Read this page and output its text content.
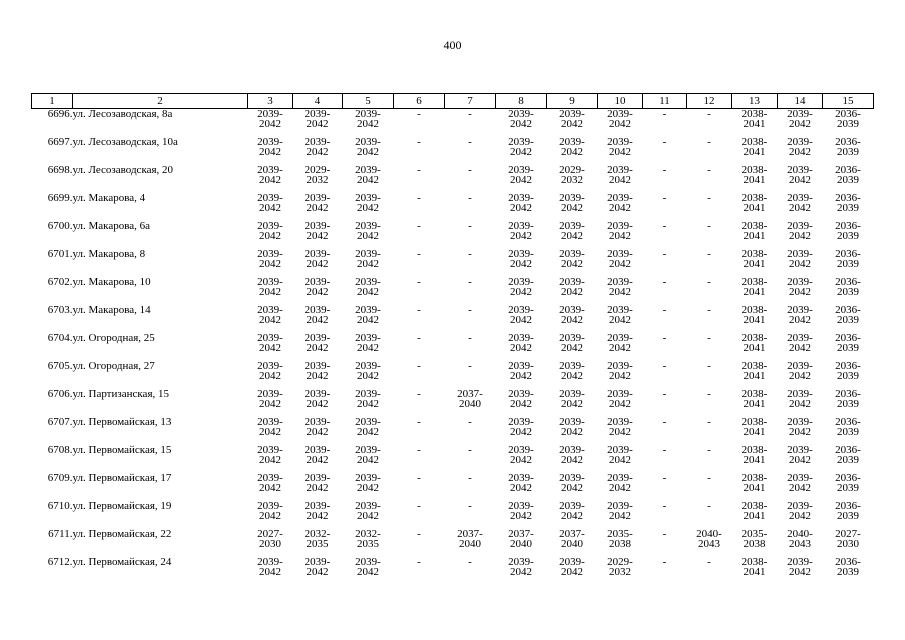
400
1	2	3	4	5	6	7	8	9	10	11	12	13	14	15
6696.	ул. Лесозаводская, 8а	2039-
2042	2039-
2042	2039-
2042	-	-	2039-
2042	2039-
2042	2039-
2042	-	-	2038-
2041	2039-
2042	2036-
2039

6697.	ул. Лесозаводская, 10а	2039-
2042	2039-
2042	2039-
2042	-	-	2039-
2042	2039-
2042	2039-
2042	-	-	2038-
2041	2039-
2042	2036-
2039

6698.	ул. Лесозаводская, 20	2039-
2042	2029-
2032	2039-
2042	-	-	2039-
2042	2029-
2032	2039-
2042	-	-	2038-
2041	2039-
2042	2036-
2039

6699.	ул. Макарова, 4	2039-
2042	2039-
2042	2039-
2042	-	-	2039-
2042	2039-
2042	2039-
2042	-	-	2038-
2041	2039-
2042	2036-
2039

6700.	ул. Макарова, 6а	2039-
2042	2039-
2042	2039-
2042	-	-	2039-
2042	2039-
2042	2039-
2042	-	-	2038-
2041	2039-
2042	2036-
2039

6701.	ул. Макарова, 8	2039-
2042	2039-
2042	2039-
2042	-	-	2039-
2042	2039-
2042	2039-
2042	-	-	2038-
2041	2039-
2042	2036-
2039

6702.	ул. Макарова, 10	2039-
2042	2039-
2042	2039-
2042	-	-	2039-
2042	2039-
2042	2039-
2042	-	-	2038-
2041	2039-
2042	2036-
2039

6703.	ул. Макарова, 14	2039-
2042	2039-
2042	2039-
2042	-	-	2039-
2042	2039-
2042	2039-
2042	-	-	2038-
2041	2039-
2042	2036-
2039

6704.	ул. Огородная, 25	2039-
2042	2039-
2042	2039-
2042	-	-	2039-
2042	2039-
2042	2039-
2042	-	-	2038-
2041	2039-
2042	2036-
2039

6705.	ул. Огородная, 27	2039-
2042	2039-
2042	2039-
2042	-	-	2039-
2042	2039-
2042	2039-
2042	-	-	2038-
2041	2039-
2042	2036-
2039

6706.	ул. Партизанская, 15	2039-
2042	2039-
2042	2039-
2042	-	2037-
2040	2039-
2042	2039-
2042	2039-
2042	-	-	2038-
2041	2039-
2042	2036-
2039

6707.	ул. Первомайская, 13	2039-
2042	2039-
2042	2039-
2042	-	-	2039-
2042	2039-
2042	2039-
2042	-	-	2038-
2041	2039-
2042	2036-
2039

6708.	ул. Первомайская, 15	2039-
2042	2039-
2042	2039-
2042	-	-	2039-
2042	2039-
2042	2039-
2042	-	-	2038-
2041	2039-
2042	2036-
2039

6709.	ул. Первомайская, 17	2039-
2042	2039-
2042	2039-
2042	-	-	2039-
2042	2039-
2042	2039-
2042	-	-	2038-
2041	2039-
2042	2036-
2039

6710.	ул. Первомайская, 19	2039-
2042	2039-
2042	2039-
2042	-	-	2039-
2042	2039-
2042	2039-
2042	-	-	2038-
2041	2039-
2042	2036-
2039

6711.	ул. Первомайская, 22	2027-
2030	2032-
2035	2032-
2035	-	2037-
2040	2037-
2040	2037-
2040	2035-
2038	-	2040-
2043	2035-
2038	2040-
2043	2027-
2030

6712.	ул. Первомайская, 24	2039-
2042	2039-
2042	2039-
2042	-	-	2039-
2042	2039-
2042	2029-
2032	-	-	2038-
2041	2039-
2042	2036-
2039
